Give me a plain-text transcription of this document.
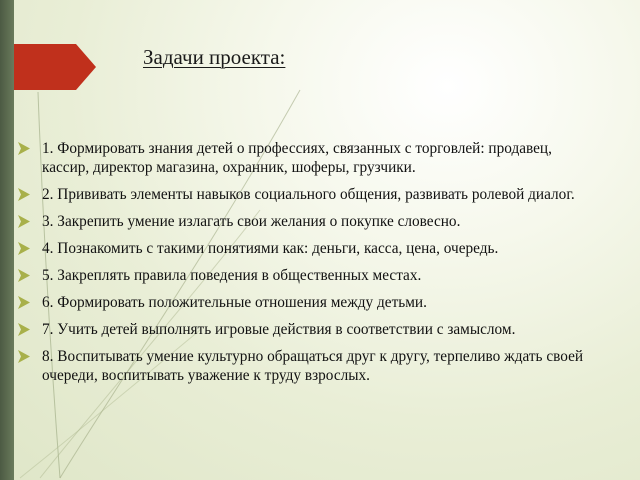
Задачи проекта:
1. Формировать знания детей о профессиях, связанных с торговлей: продавец, кассир, директор магазина, охранник, шоферы, грузчики.
2. Прививать элементы навыков социального общения, развивать ролевой диалог.
3. Закрепить умение излагать свои желания о покупке словесно.
4. Познакомить с такими понятиями как: деньги, касса, цена, очередь.
5. Закреплять правила поведения в общественных местах.
6. Формировать положительные отношения между детьми.
7. Учить детей выполнять игровые действия в соответствии с замыслом.
8. Воспитывать умение культурно обращаться друг к другу, терпеливо ждать своей очереди, воспитывать уважение к труду взрослых.
